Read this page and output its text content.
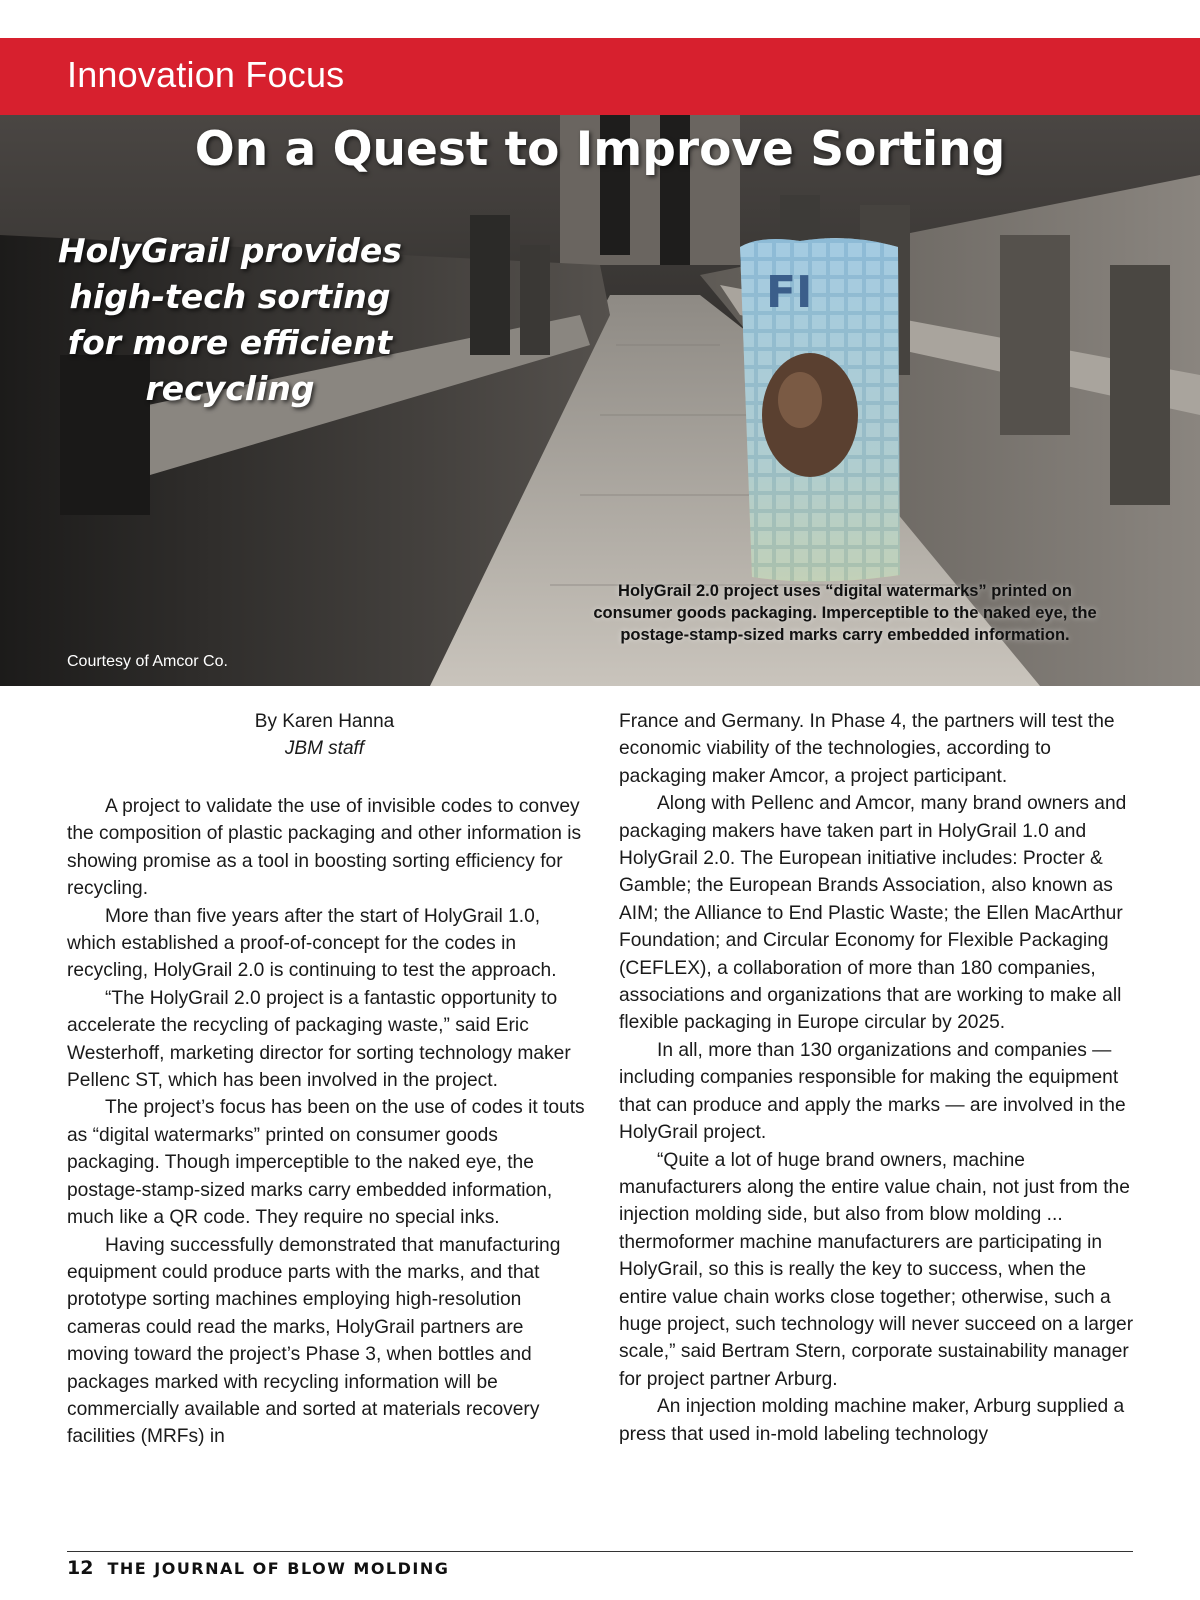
Innovation Focus
FI
On a Quest to Improve Sorting
HolyGrail provides high-tech sorting for more efficient recycling
HolyGrail 2.0 project uses “digital watermarks” printed on consumer goods packaging. Imperceptible to the naked eye, the postage-stamp-sized marks carry embedded information.
Courtesy of Amcor Co.
By Karen Hanna
JBM staff

A project to validate the use of invisible codes to convey the composition of plastic packaging and other information is showing promise as a tool in boosting sorting efficiency for recycling.

More than five years after the start of HolyGrail 1.0, which established a proof-of-concept for the codes in recycling, HolyGrail 2.0 is continuing to test the approach.

“The HolyGrail 2.0 project is a fantastic opportunity to accelerate the recycling of packaging waste,” said Eric Westerhoff, marketing director for sorting technology maker Pellenc ST, which has been involved in the project.

The project’s focus has been on the use of codes it touts as “digital watermarks” printed on consumer goods packaging. Though imperceptible to the naked eye, the postage-stamp-sized marks carry embedded information, much like a QR code. They require no special inks.

Having successfully demonstrated that manufacturing equipment could produce parts with the marks, and that prototype sorting machines employing high-resolution cameras could read the marks, HolyGrail partners are moving toward the project’s Phase 3, when bottles and packages marked with recycling information will be commercially available and sorted at materials recovery facilities (MRFs) in

France and Germany. In Phase 4, the partners will test the economic viability of the technologies, according to packaging maker Amcor, a project participant.

Along with Pellenc and Amcor, many brand owners and packaging makers have taken part in HolyGrail 1.0 and HolyGrail 2.0. The European initiative includes: Procter & Gamble; the European Brands Association, also known as AIM; the Alliance to End Plastic Waste; the Ellen MacArthur Foundation; and Circular Economy for Flexible Packaging (CEFLEX), a collaboration of more than 180 companies, associations and organizations that are working to make all flexible packaging in Europe circular by 2025.

In all, more than 130 organizations and companies — including companies responsible for making the equipment that can produce and apply the marks — are involved in the HolyGrail project.

“Quite a lot of huge brand owners, machine manufacturers along the entire value chain, not just from the injection molding side, but also from blow molding ... thermoformer machine manufacturers are participating in HolyGrail, so this is really the key to success, when the entire value chain works close together; otherwise, such a huge project, such technology will never succeed on a larger scale,” said Bertram Stern, corporate sustainability manager for project partner Arburg.

An injection molding machine maker, Arburg supplied a press that used in-mold labeling technology

12 THE JOURNAL OF BLOW MOLDING
